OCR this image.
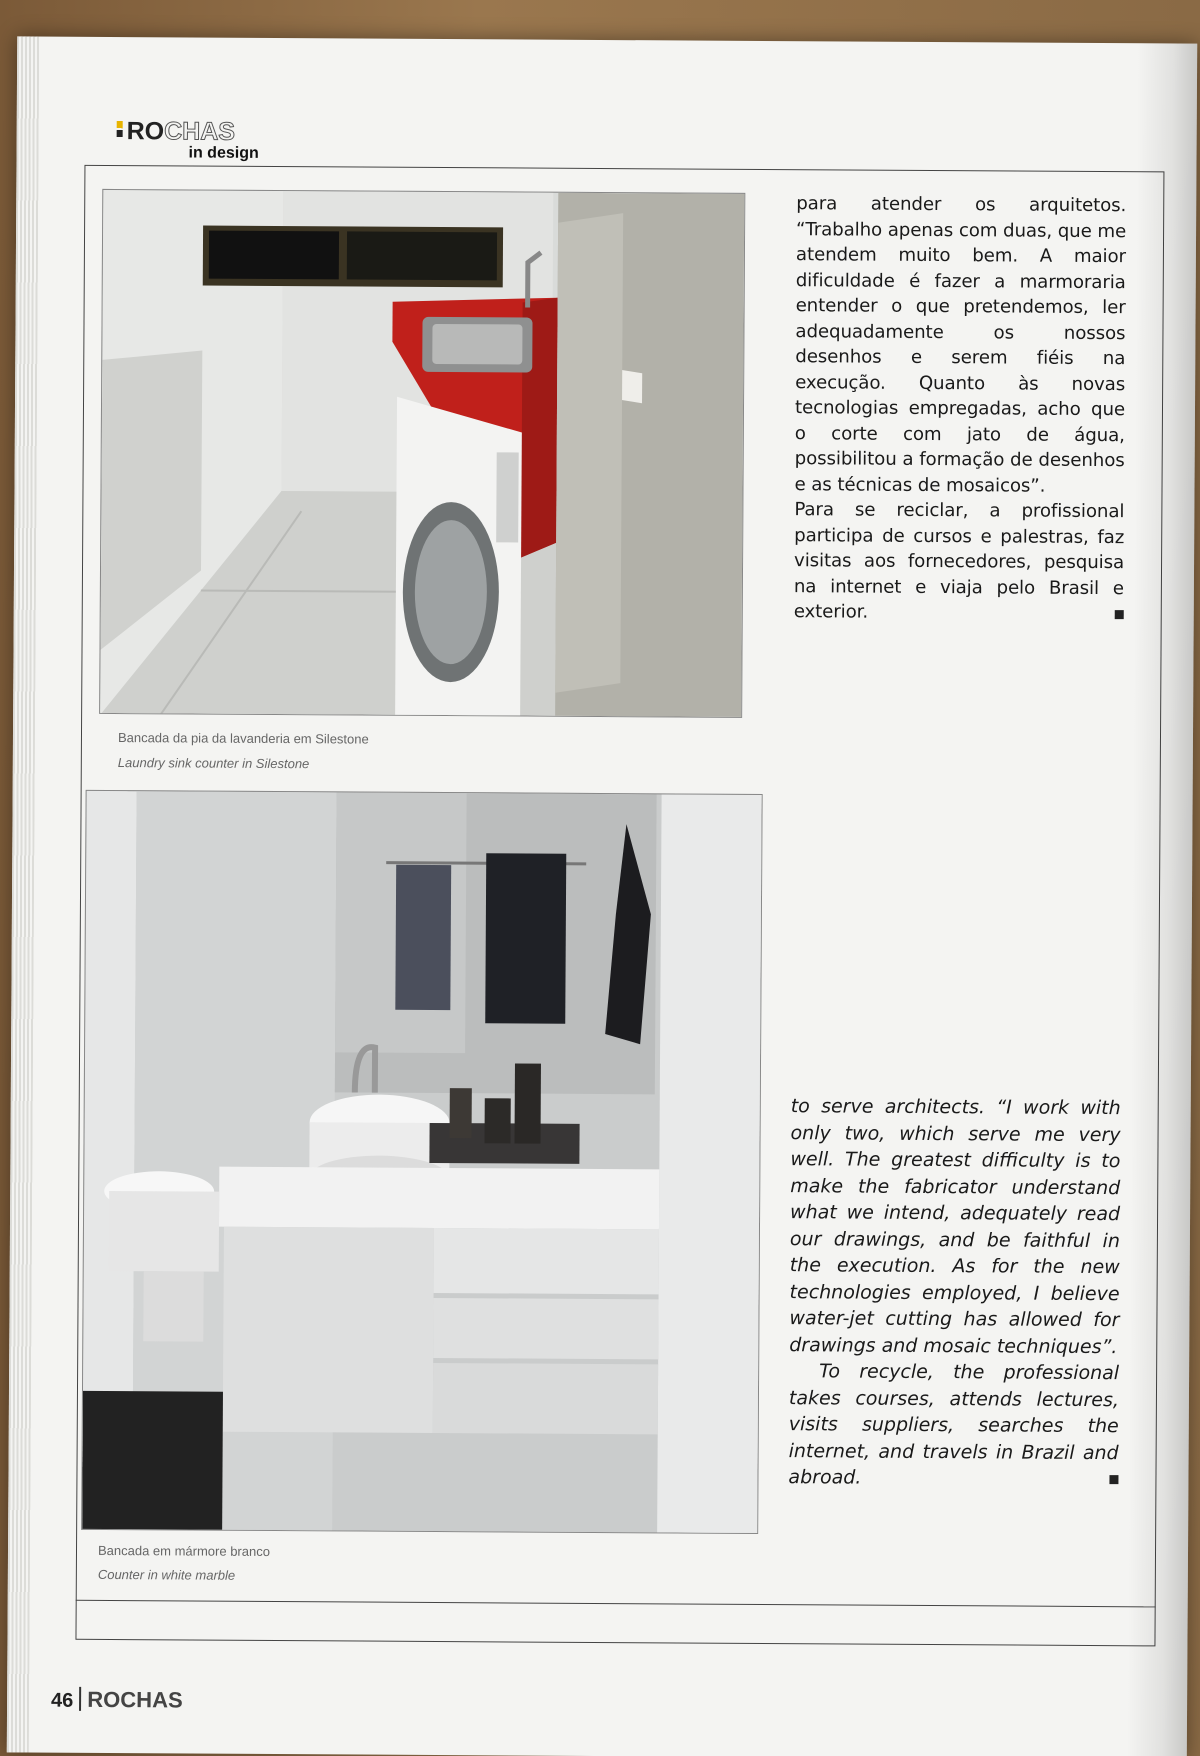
ROCHAS
in design
Bancada da pia da lavanderia em Silestone
Laundry sink counter in Silestone
Bancada em mármore branco
Counter in white marble

para atender os arquitetos. “Trabalho apenas com duas, que me atendem muito bem. A maior dificuldade é fazer a marmoraria entender o que pretendemos, ler adequadamente os nossos desenhos e serem fiéis na execução. Quanto às novas tecnologias empregadas, acho que o corte com jato de água, possibilitou a formação de desenhos e as técnicas de mosaicos”.

Para se reciclar, a profissional participa de cursos e palestras, faz visitas aos fornecedores, pesquisa na internet e viaja pelo Brasil e exterior.

to serve architects. “I work with only two, which serve me very well. The greatest difficulty is to make the fabricator understand what we intend, adequately read our drawings, and be faithful in the execution. As for the new technologies employed, I believe water-jet cutting has allowed for drawings and mosaic techniques”.

To recycle, the professional takes courses, attends lectures, visits suppliers, searches the internet, and travels in Brazil and abroad.

46 ROCHAS
